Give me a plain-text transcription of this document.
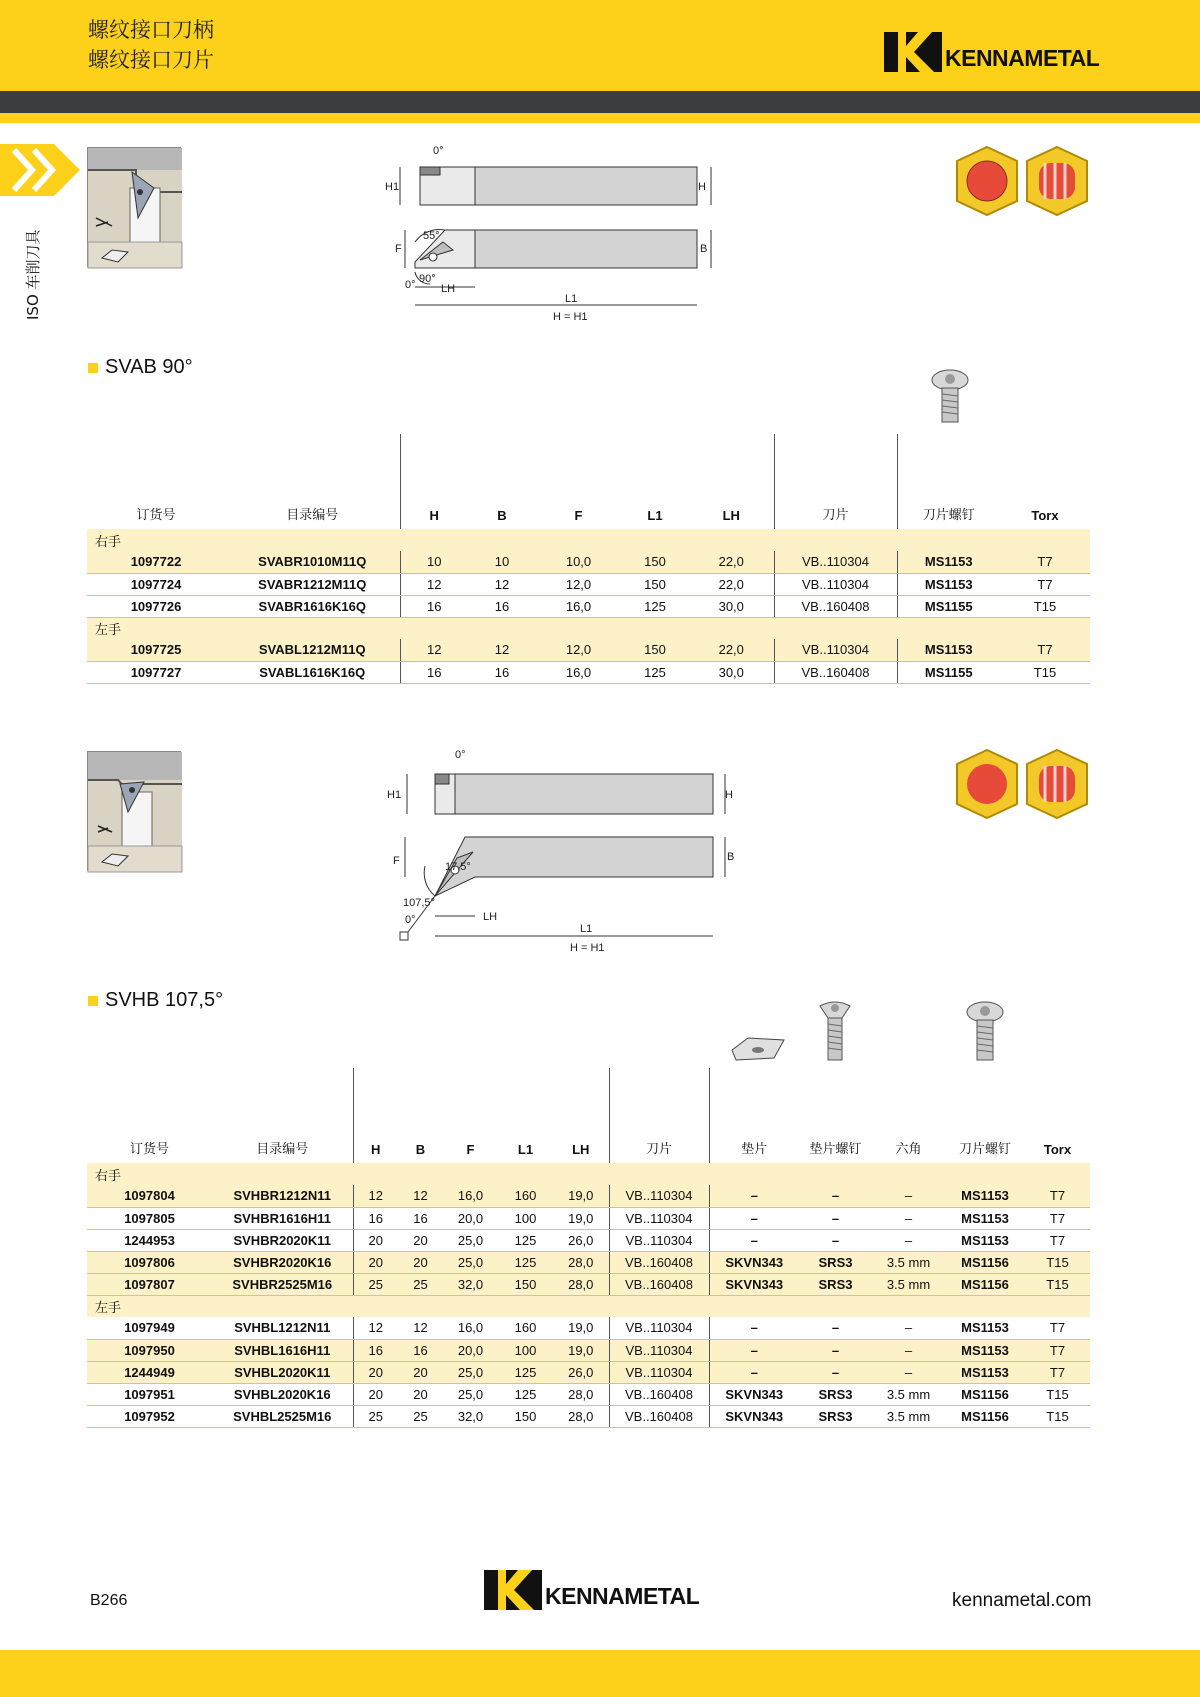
螺纹接口刀柄
螺纹接口刀片	KENNAMETAL
ISO 车削刀具
0°
H1	H
F	B
55°
90°
0° LH
L1
H = H1
SVAB 90°
订货号	目录编号	H	B	F	L1	LH	刀片	刀片螺钉	Torx
右手									
1097722	SVABR1010M11Q	10	10	10,0	150	22,0	VB..110304	MS1153	T7
1097724	SVABR1212M11Q	12	12	12,0	150	22,0	VB..110304	MS1153	T7
1097726	SVABR1616K16Q	16	16	16,0	125	30,0	VB..160408	MS1155	T15
左手									
1097725	SVABL1212M11Q	12	12	12,0	150	22,0	VB..110304	MS1153	T7
1097727	SVABL1616K16Q	16	16	16,0	125	30,0	VB..160408	MS1155	T15
0°
H1	H
F	B
17,5°
107,5°
0°	LH
L1
H = H1
SVHB 107,5°
订货号	目录编号	H	B	F	L1	LH	刀片	垫片	垫片螺钉	六角	刀片螺钉	Torx
右手												
1097804	SVHBR1212N11	12	12	16,0	160	19,0	VB..110304	–	–	–	MS1153	T7
1097805	SVHBR1616H11	16	16	20,0	100	19,0	VB..110304	–	–	–	MS1153	T7
1244953	SVHBR2020K11	20	20	25,0	125	26,0	VB..110304	–	–	–	MS1153	T7
1097806	SVHBR2020K16	20	20	25,0	125	28,0	VB..160408	SKVN343	SRS3	3.5 mm	MS1156	T15
1097807	SVHBR2525M16	25	25	32,0	150	28,0	VB..160408	SKVN343	SRS3	3.5 mm	MS1156	T15
左手												
1097949	SVHBL1212N11	12	12	16,0	160	19,0	VB..110304	–	–	–	MS1153	T7
1097950	SVHBL1616H11	16	16	20,0	100	19,0	VB..110304	–	–	–	MS1153	T7
1244949	SVHBL2020K11	20	20	25,0	125	26,0	VB..110304	–	–	–	MS1153	T7
1097951	SVHBL2020K16	20	20	25,0	125	28,0	VB..160408	SKVN343	SRS3	3.5 mm	MS1156	T15
1097952	SVHBL2525M16	25	25	32,0	150	28,0	VB..160408	SKVN343	SRS3	3.5 mm	MS1156	T15
B266	KENNAMETAL	kennametal.com
